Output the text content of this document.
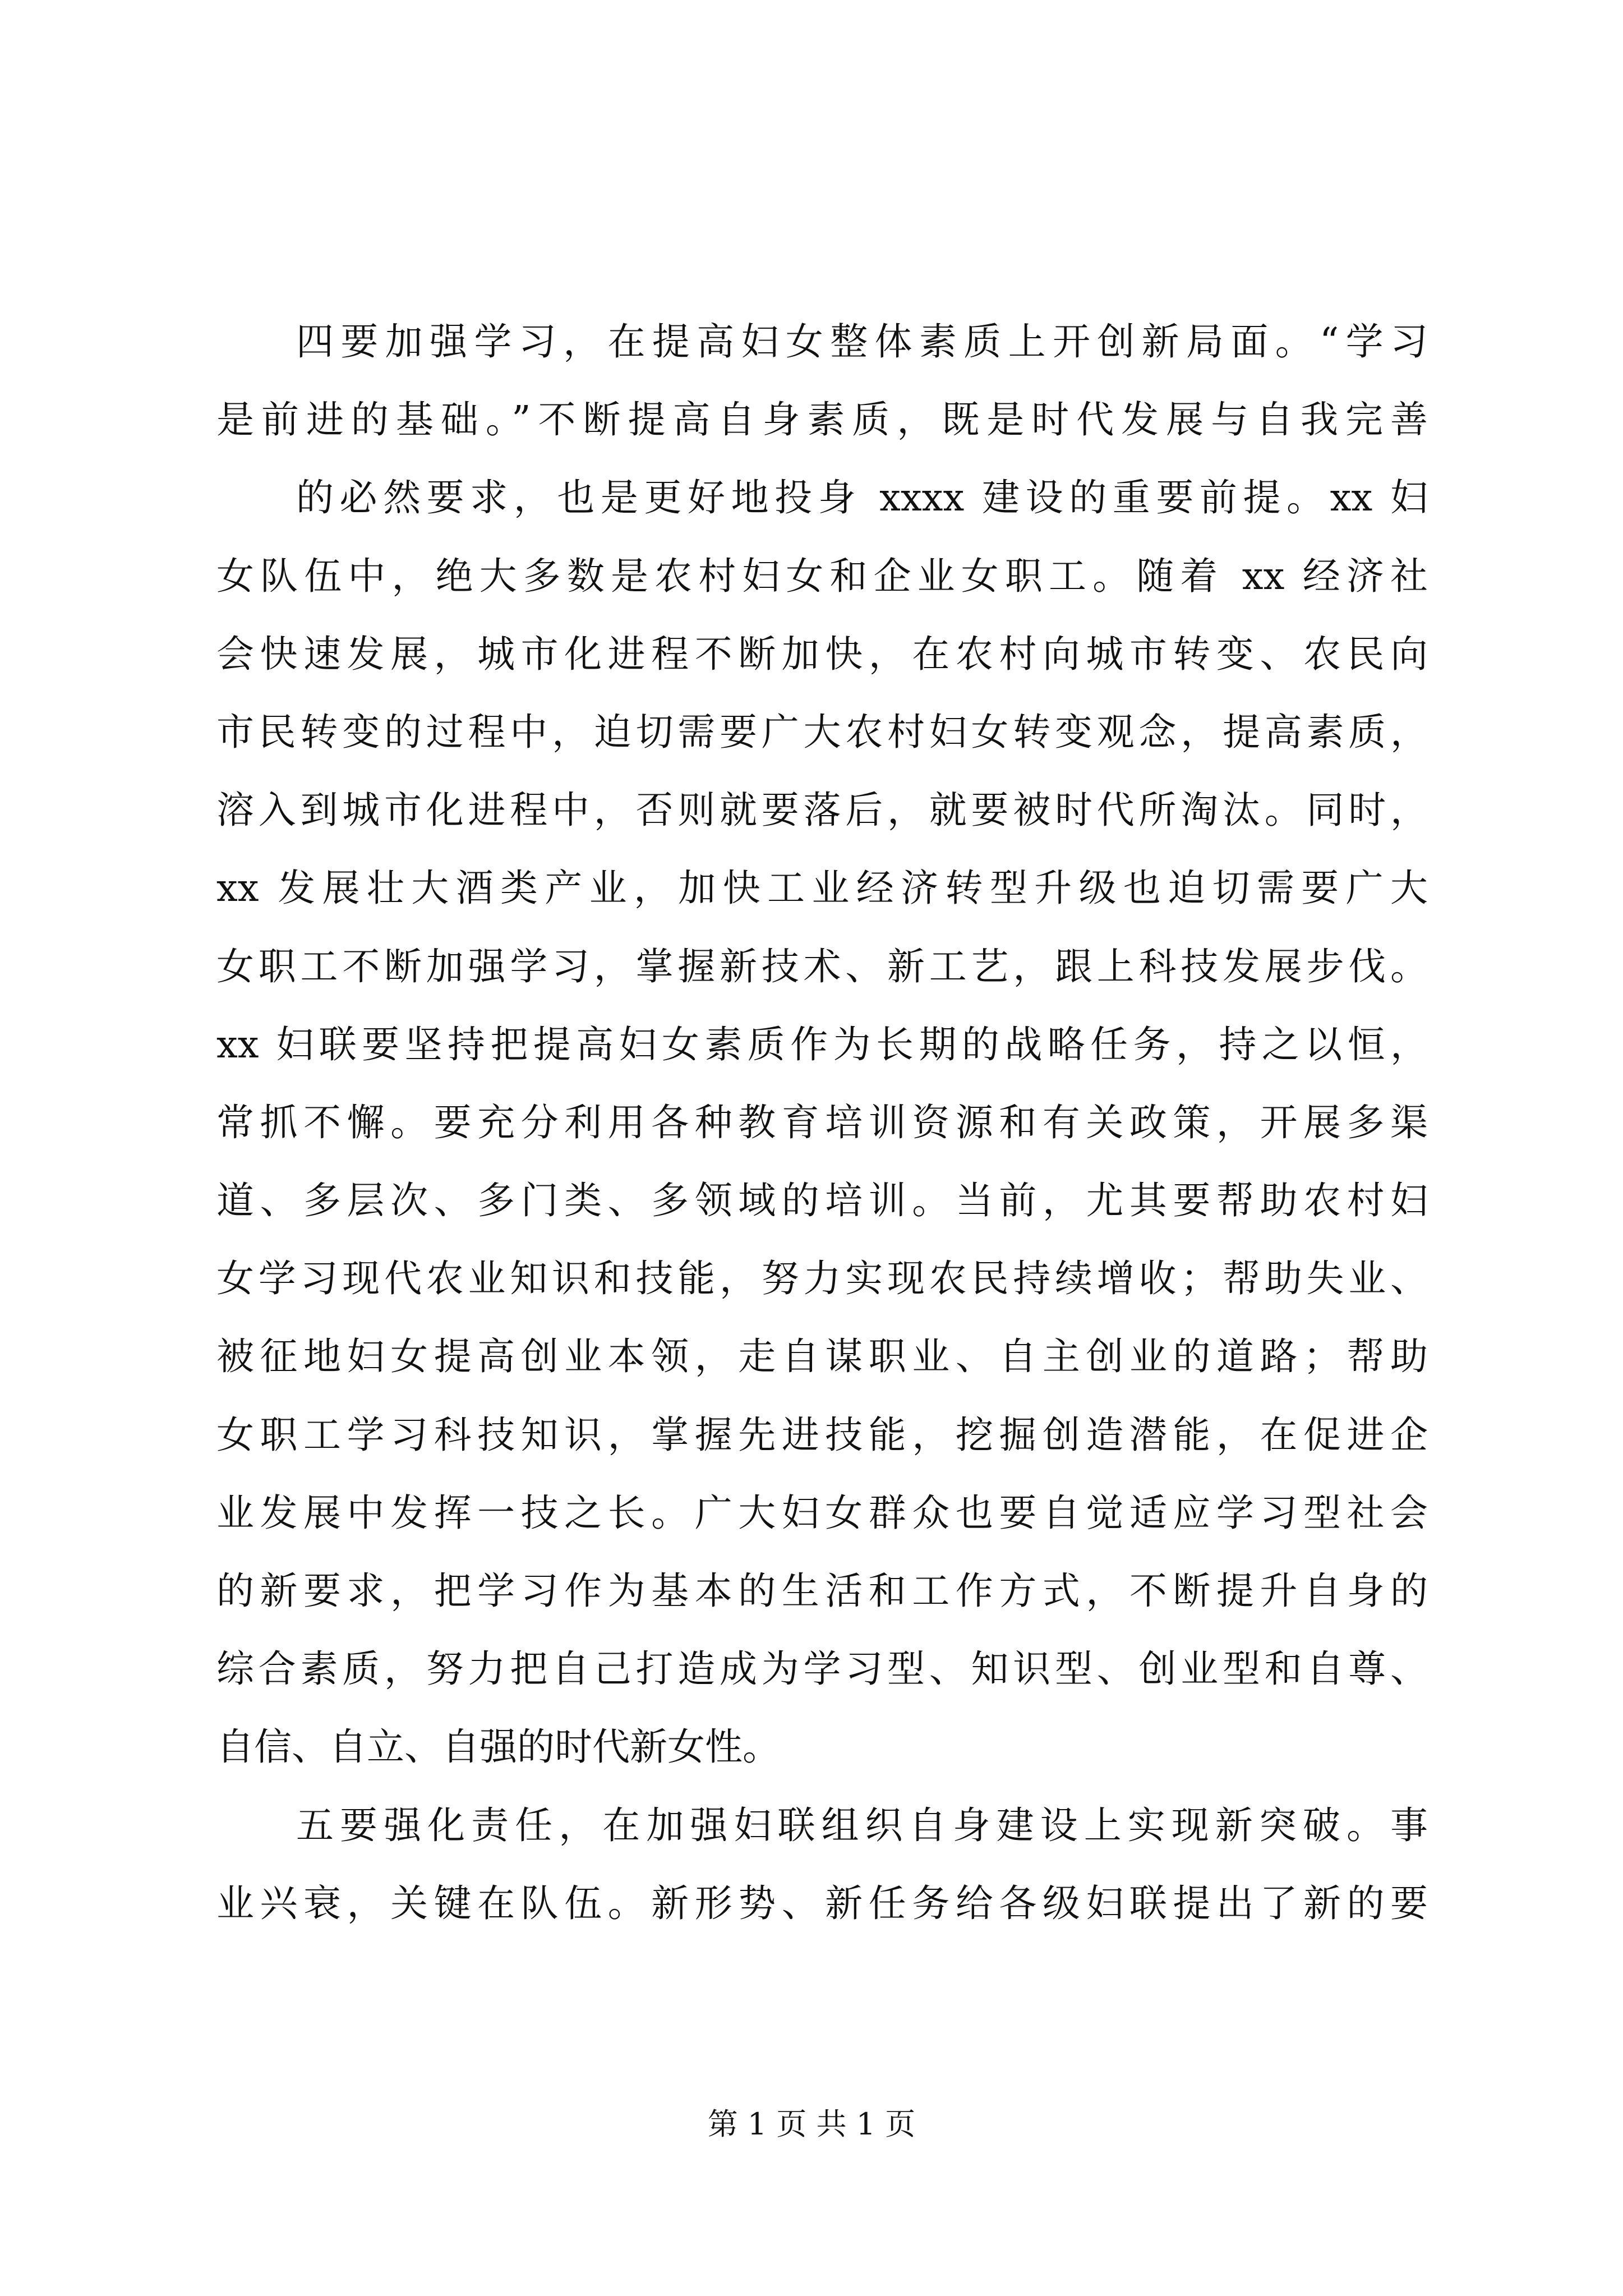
四要加强学习，在提高妇女整体素质上开创新局面。“学习
是前进的基础。”不断提高自身素质，既是时代发展与自我完善
的必然要求，也是更好地投身 xxxx 建设的重要前提。xx 妇
女队伍中，绝大多数是农村妇女和企业女职工。随着 xx 经济社
会快速发展，城市化进程不断加快，在农村向城市转变、农民向
市民转变的过程中，迫切需要广大农村妇女转变观念，提高素质，
溶入到城市化进程中，否则就要落后，就要被时代所淘汰。同时，
xx 发展壮大酒类产业，加快工业经济转型升级也迫切需要广大
女职工不断加强学习，掌握新技术、新工艺，跟上科技发展步伐。
xx 妇联要坚持把提高妇女素质作为长期的战略任务，持之以恒，
常抓不懈。要充分利用各种教育培训资源和有关政策，开展多渠
道、多层次、多门类、多领域的培训。当前，尤其要帮助农村妇
女学习现代农业知识和技能，努力实现农民持续增收；帮助失业、
被征地妇女提高创业本领，走自谋职业、自主创业的道路；帮助
女职工学习科技知识，掌握先进技能，挖掘创造潜能，在促进企
业发展中发挥一技之长。广大妇女群众也要自觉适应学习型社会
的新要求，把学习作为基本的生活和工作方式，不断提升自身的
综合素质，努力把自己打造成为学习型、知识型、创业型和自尊、
自信、自立、自强的时代新女性。
五要强化责任，在加强妇联组织自身建设上实现新突破。事
业兴衰，关键在队伍。新形势、新任务给各级妇联提出了新的要
第 1 页 共 1 页
